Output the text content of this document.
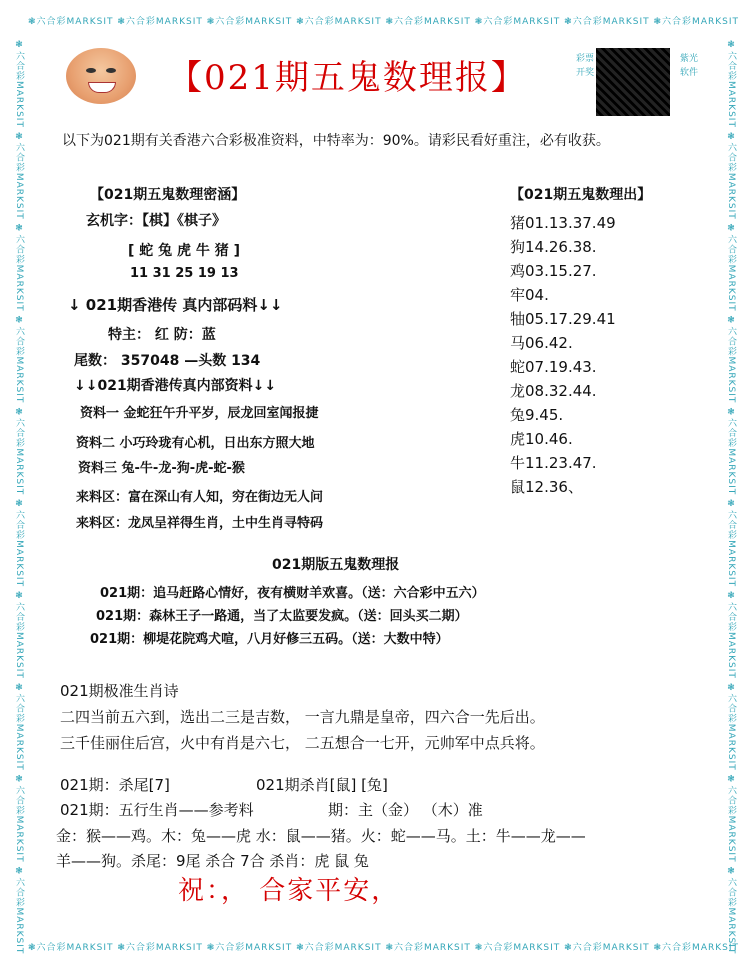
❃六合彩MARKSIT ❃六合彩MARKSIT ❃六合彩MARKSIT ❃六合彩MARKSIT ❃六合彩MARKSIT ❃六合彩MARKSIT ❃六合彩MARKSIT ❃六合彩MARKSIT
❃六合彩MARKSIT ❃六合彩MARKSIT ❃六合彩MARKSIT ❃六合彩MARKSIT ❃六合彩MARKSIT ❃六合彩MARKSIT ❃六合彩MARKSIT ❃六合彩MARKSIT
❃六合彩MARKSIT ❃六合彩MARKSIT ❃六合彩MARKSIT ❃六合彩MARKSIT ❃六合彩MARKSIT ❃六合彩MARKSIT ❃六合彩MARKSIT ❃六合彩MARKSIT ❃六合彩MARKSIT ❃六合彩MARKSIT
❃六合彩MARKSIT ❃六合彩MARKSIT ❃六合彩MARKSIT ❃六合彩MARKSIT ❃六合彩MARKSIT ❃六合彩MARKSIT ❃六合彩MARKSIT ❃六合彩MARKSIT ❃六合彩MARKSIT ❃六合彩MARKSIT
【021期五鬼数理报】	彩票开奖
紫光软件
以下为021期有关香港六合彩极准资料，中特率为：90%。请彩民看好重注，必有收获。
【021期五鬼数理密涵】
玄机字：【棋】《棋子》
[ 蛇 兔 虎 牛 猪 ]
11 31 25 19 13
↓ 021期香港传 真内部码料↓↓
特主： 红 防：蓝
尾数： 357048 —头数 134
↓↓021期香港传真内部资料↓↓
资料一 金蛇狂午升平岁，辰龙回室闻报捷
资料二 小巧玲珑有心机，日出东方照大地
资料三 兔-牛-龙-狗-虎-蛇-猴
来料区：富在深山有人知，穷在街边无人问
来料区：龙凤呈祥得生肖，土中生肖寻特码
【021期五鬼数理出】
猪01.13.37.49
狗14.26.38.
鸡03.15.27.
牢04.
牰05.17.29.41
马06.42.
蛇07.19.43.
龙08.32.44.
兔9.45.
虎10.46.
牛11.23.47.
鼠12.36、
021期版五鬼数理报
021期：追马赶路心情好，夜有横财羊欢喜。（送：六合彩中五六）
021期：森林王子一路通，当了太监要发疯。（送：回头买二期）
021期：柳堤花院鸡犬喧，八月好修三五码。（送：大数中特）
021期极准生肖诗
二四当前五六到，选出二三是吉数， 一言九鼎是皇帝，四六合一先后出。
三千佳丽住后宫，火中有肖是六七， 二五想合一七开，元帅军中点兵将。
021期：杀尾[7]	021期杀肖[鼠] [兔]
021期：五行生肖——参考料	期：主（金） （木）准
金：猴——鸡。木：兔——虎 水：鼠——猪。火：蛇——马。土：牛——龙——
羊——狗。杀尾：9尾 杀合 7合 杀肖：虎 鼠 兔
祝：， 合家平安，
